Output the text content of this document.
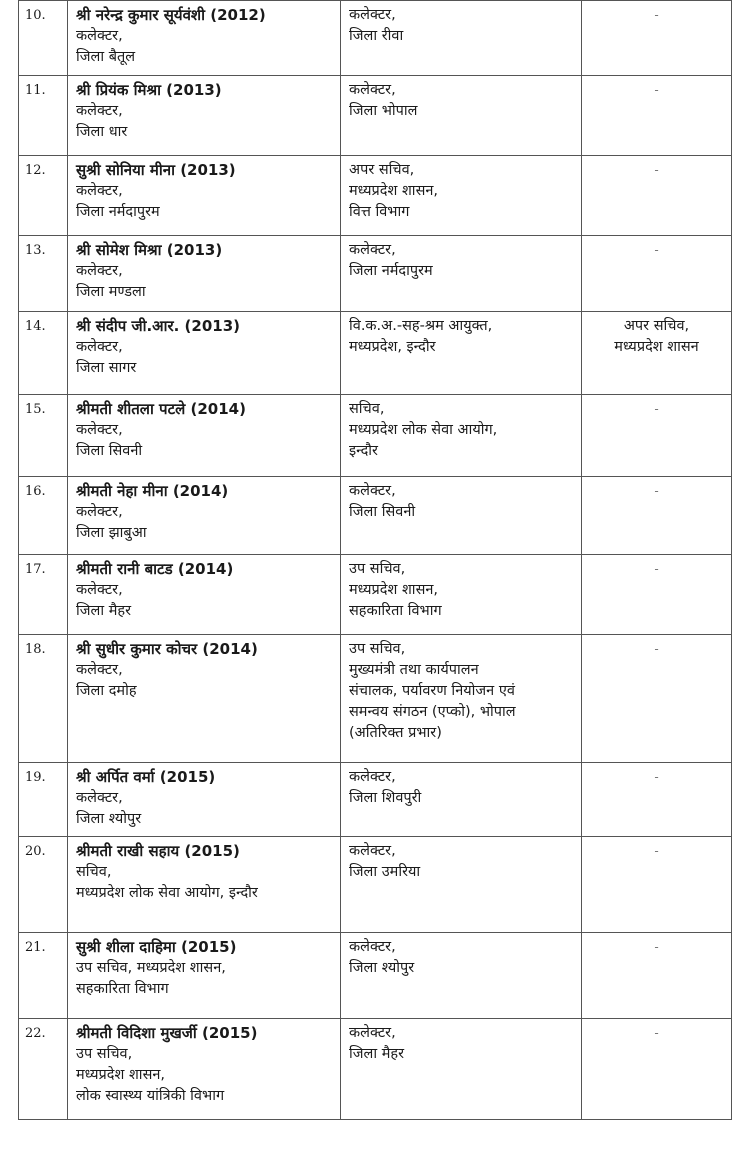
10.	श्री नरेन्द्र कुमार सूर्यवंशी (2012)
कलेक्टर,
जिला बैतूल	कलेक्टर,
जिला रीवा	-

11.	श्री प्रियंक मिश्रा (2013)
कलेक्टर,
जिला धार	कलेक्टर,
जिला भोपाल	-

12.	सुश्री सोनिया मीना (2013)
कलेक्टर,
जिला नर्मदापुरम	अपर सचिव,
मध्यप्रदेश शासन,
वित्त विभाग	-

13.	श्री सोमेश मिश्रा (2013)
कलेक्टर,
जिला मण्डला	कलेक्टर,
जिला नर्मदापुरम	-

14.	श्री संदीप जी.आर. (2013)
कलेक्टर,
जिला सागर	वि.क.अ.-सह-श्रम आयुक्त,
मध्यप्रदेश, इन्दौर	अपर सचिव,
मध्यप्रदेश शासन

15.	श्रीमती शीतला पटले (2014)
कलेक्टर,
जिला सिवनी	सचिव,
मध्यप्रदेश लोक सेवा आयोग,
इन्दौर	-

16.	श्रीमती नेहा मीना (2014)
कलेक्टर,
जिला झाबुआ	कलेक्टर,
जिला सिवनी	-

17.	श्रीमती रानी बाटड (2014)
कलेक्टर,
जिला मैहर	उप सचिव,
मध्यप्रदेश शासन,
सहकारिता विभाग	-

18.	श्री सुधीर कुमार कोचर (2014)
कलेक्टर,
जिला दमोह	उप सचिव,
मुख्यमंत्री तथा कार्यपालन
संचालक, पर्यावरण नियोजन एवं
समन्वय संगठन (एप्को), भोपाल
(अतिरिक्त प्रभार)	-

19.	श्री अर्पित वर्मा (2015)
कलेक्टर,
जिला श्योपुर	कलेक्टर,
जिला शिवपुरी	-

20.	श्रीमती राखी सहाय (2015)
सचिव,
मध्यप्रदेश लोक सेवा आयोग, इन्दौर	कलेक्टर,
जिला उमरिया	-

21.	सुश्री शीला दाहिमा (2015)
उप सचिव, मध्यप्रदेश शासन,
सहकारिता विभाग	कलेक्टर,
जिला श्योपुर	-

22.	श्रीमती विदिशा मुखर्जी (2015)
उप सचिव,
मध्यप्रदेश शासन,
लोक स्वास्थ्य यांत्रिकी विभाग	कलेक्टर,
जिला मैहर	-
